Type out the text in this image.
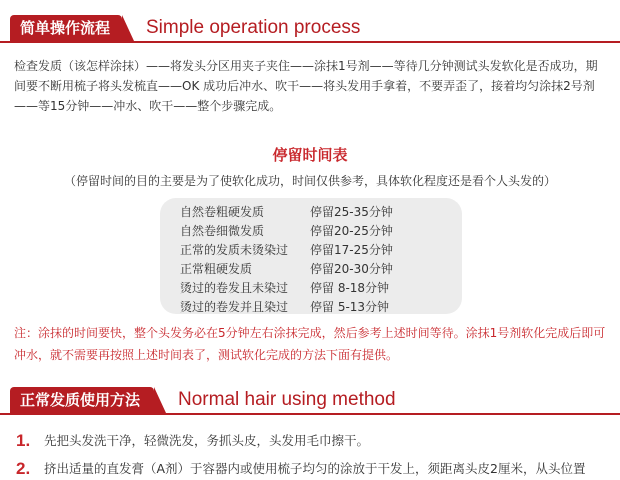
简单操作流程	Simple operation process
检查发质（该怎样涂抹）——将发头分区用夹子夹住——涂抹1号剂——等待几分钟测试头发软化是否成功，期间要不断用梳子将头发梳直——OK 成功后冲水、吹干——将头发用手拿着，不要弄歪了，接着均匀涂抹2号剂——等15分钟——冲水、吹干——整个步骤完成。
停留时间表
（停留时间的目的主要是为了使软化成功，时间仅供参考，具体软化程度还是看个人头发的）
自然卷粗硬发质	停留25-35分钟
自然卷细微发质	停留20-25分钟
正常的发质未烫染过 停留17-25分钟
正常粗硬发质	停留20-30分钟
烫过的卷发且未染过 停留 8-18分钟
烫过的卷发并且染过 停留 5-13分钟
注：涂抹的时间要快，整个头发务必在5分钟左右涂抹完成，然后参考上述时间等待。涂抹1号剂软化完成后即可冲水，就不需要再按照上述时间表了，测试软化完成的方法下面有提供。
正常发质使用方法	Normal hair using method
1. 先把头发洗干净，轻微洗发，务抓头皮，头发用毛巾擦干。
2. 挤出适量的直发膏（A剂）于容器内或使用梳子均匀的涂放于干发上，须距离头皮2厘米，从头位置
